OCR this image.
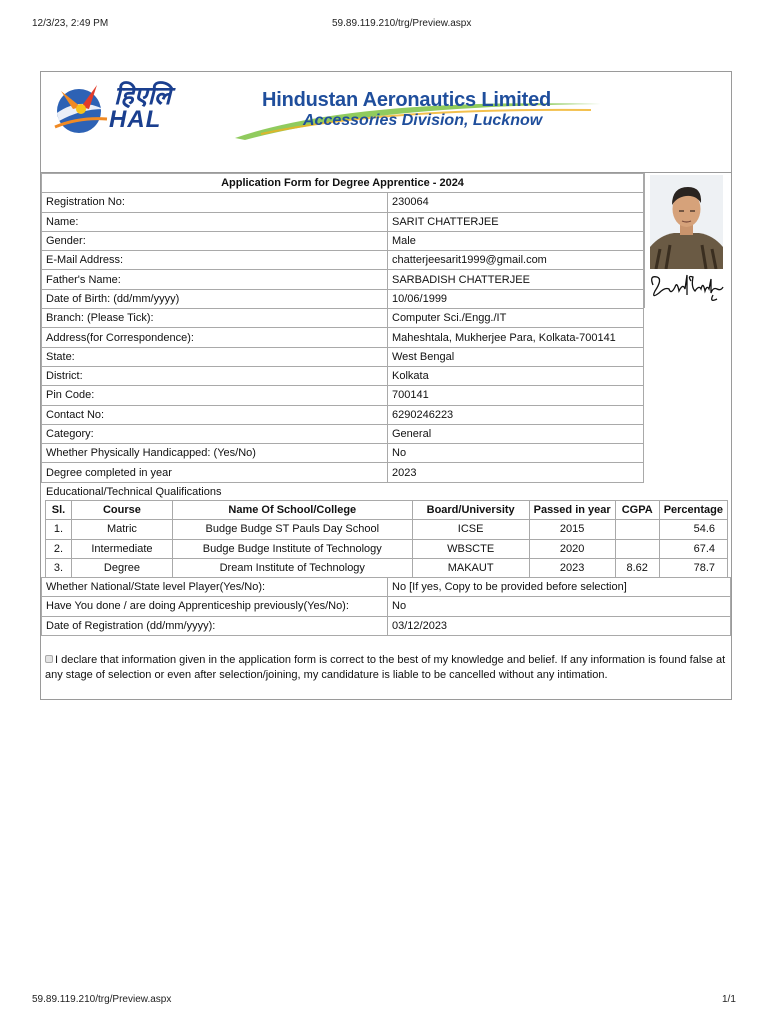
12/3/23, 2:49 PM	59.89.119.210/trg/Preview.aspx
हिएलि
HAL
Hindustan Aeronautics Limited
Accessories Division, Lucknow
Application Form for Degree Apprentice - 2024	
Registration No:	230064
Name:	SARIT CHATTERJEE
Gender:	Male
E-Mail Address:	chatterjeesarit1999@gmail.com
Father's Name:	SARBADISH CHATTERJEE
Date of Birth: (dd/mm/yyyy)	10/06/1999
Branch: (Please Tick):	Computer Sci./Engg./IT
Address(for Correspondence):	Maheshtala, Mukherjee Para, Kolkata-700141
State:	West Bengal
District:	Kolkata
Pin Code:	700141
Contact No:	6290246223
Category:	General
Whether Physically Handicapped: (Yes/No)	No
Degree completed in year	2023
Educational/Technical Qualifications
Sl.	Course	Name Of School/College	Board/University	Passed in year	CGPA	Percentage
1.	Matric	Budge Budge ST Pauls Day School	ICSE	2015		54.6
2.	Intermediate	Budge Budge Institute of Technology	WBSCTE	2020		67.4
3.	Degree	Dream Institute of Technology	MAKAUT	2023	8.62	78.7
Whether National/State level Player(Yes/No):	No [If yes, Copy to be provided before selection]
Have You done / are doing Apprenticeship previously(Yes/No):	No
Date of Registration (dd/mm/yyyy):	03/12/2023
I declare that information given in the application form is correct to the best of my knowledge and belief. If any information is found false at any stage of selection or even after selection/joining, my candidature is liable to be cancelled without any intimation.
59.89.119.210/trg/Preview.aspx	1/1
